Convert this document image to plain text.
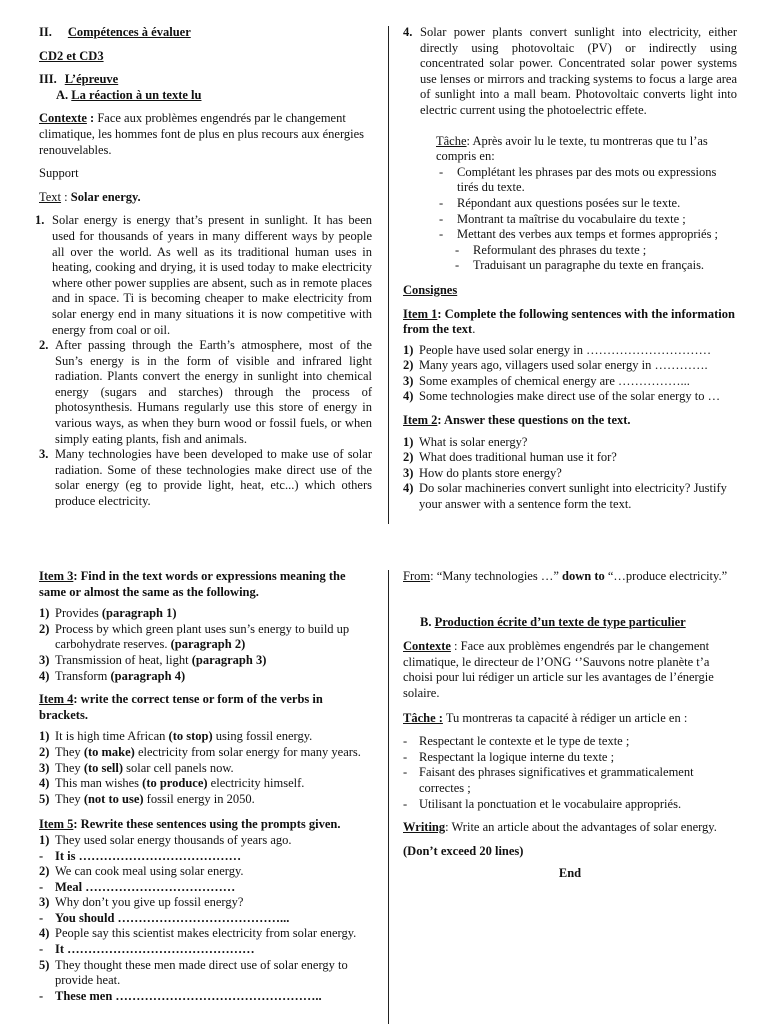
II. Compétences à évaluer

CD2 et CD3

III. L’épreuve

A. La réaction à un texte lu

Contexte : Face aux problèmes engendrés par le changement climatique, les hommes font de plus en plus recours aux énergies renouvelables.

Support

Text : Solar energy.

1. Solar energy is energy that’s present in sunlight. It has been used for thousands of years in many different ways by people all over the world. As well as its traditional human uses in heating, cooking and drying, it is used today to make electricity where other power supplies are absent, such as in remote places and in space. Ti is becoming cheaper to make electricity from solar energy end in many situations it is now competitive with energy from coal or oil.
2. After passing through the Earth’s atmosphere, most of the Sun’s energy is in the form of visible and infrared light radiation. Plants convert the energy in sunlight into chemical energy (sugars and starches) through the process of photosynthesis. Humans regularly use this store of energy in various ways, as when they burn wood or fossil fuels, or when simply eating plants, fish and animals.
3. Many technologies have been developed to make use of solar radiation. Some of these technologies make direct use of the solar energy (eg to provide light, heat, etc...) which others produce electricity.
4. Solar power plants convert sunlight into electricity, either directly using photovoltaic (PV) or indirectly using concentrated solar power. Concentrated solar power systems use lenses or mirrors and tracking systems to focus a large area of sunlight into a mall beam. Photovoltaic converts light into electric current using the photoelectric effete.

Tâche: Après avoir lu le texte, tu montreras que tu l’as compris en:

-	Complétant les phrases par des mots ou expressions tirés du texte.
-	Répondant aux questions posées sur le texte.
-	Montrant ta maîtrise du vocabulaire du texte ;
-	Mettant des verbes aux temps et formes appropriés ;
-	Reformulant des phrases du texte ;
-	Traduisant un paragraphe du texte en français.

Consignes

Item 1: Complete the following sentences with the information from the text.

1) People have used solar energy in …………………………
2) Many years ago, villagers used solar energy in ………….
3) Some examples of chemical energy are ……………...
4) Some technologies make direct use of the solar energy to …

Item 2: Answer these questions on the text.

1) What is solar energy?
2) What does traditional human use it for?
3) How do plants store energy?
4) Do solar machineries convert sunlight into electricity? Justify your answer with a sentence form the text.

Item 3: Find in the text words or expressions meaning the same or almost the same as the following.

1) Provides (paragraph 1)
2) Process by which green plant uses sun’s energy to build up carbohydrate reserves. (paragraph 2)
3) Transmission of heat, light (paragraph 3)
4) Transform (paragraph 4)

Item 4: write the correct tense or form of the verbs in brackets.

1) It is high time African (to stop) using fossil energy.
2) They (to make) electricity from solar energy for many years.
3) They (to sell) solar cell panels now.
4) This man wishes (to produce) electricity himself.
5) They (not to use) fossil energy in 2050.

Item 5: Rewrite these sentences using the prompts given.

1) They used solar energy thousands of years ago.
- It is …………………………………
2) We can cook meal using solar energy.
- Meal ………………………………
3) Why don’t you give up fossil energy?
- You should …………………………………...
4) People say this scientist makes electricity from solar energy.
- It ………………………………………
5) They thought these men made direct use of solar energy to provide heat.
- These men …………………………………………..

From: “Many technologies …” down to “…produce electricity.”

B. Production écrite d’un texte de type particulier

Contexte : Face aux problèmes engendrés par le changement climatique, le directeur de l’ONG ‘’Sauvons notre planète t’a choisi pour lui rédiger un article sur les avantages de l’énergie solaire.

Tâche : Tu montreras ta capacité à rédiger un article en :

- Respectant le contexte et le type de texte ;
- Respectant la logique interne du texte ;
- Faisant des phrases significatives et grammaticalement correctes ;
- Utilisant la ponctuation et le vocabulaire appropriés.

Writing: Write an article about the advantages of solar energy.

(Don’t exceed 20 lines)

End
